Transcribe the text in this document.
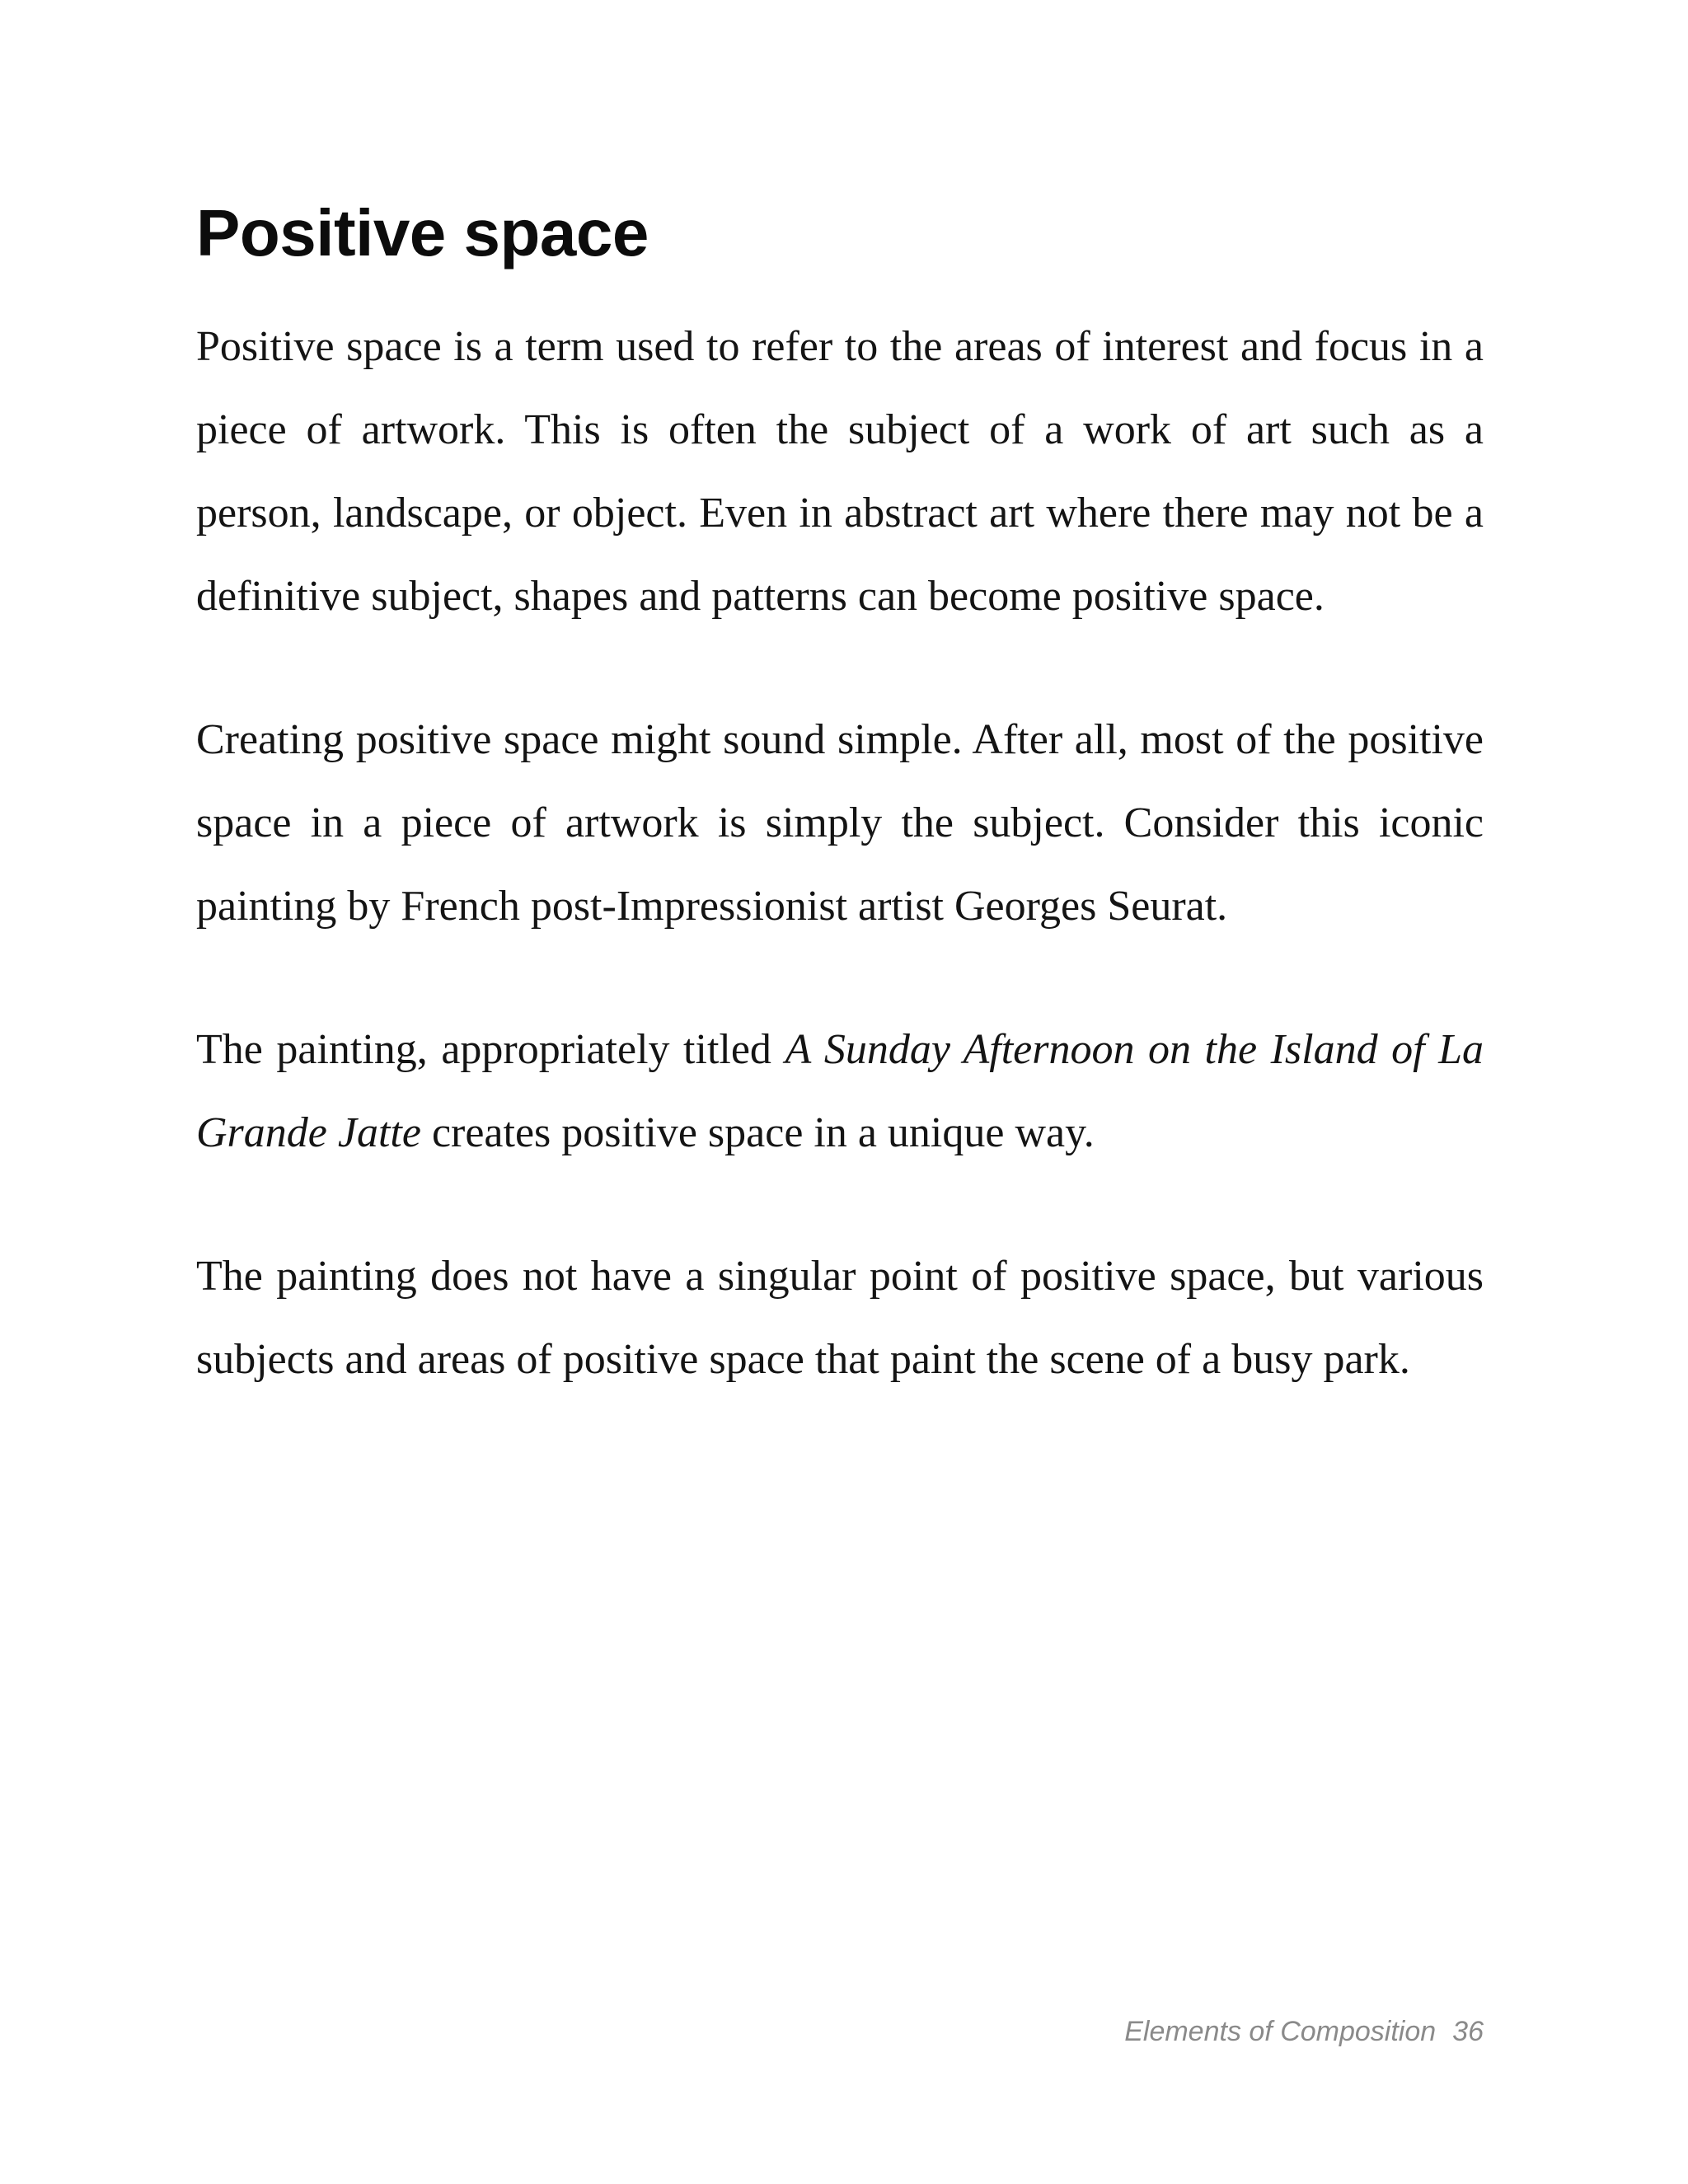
Positive space

Positive space is a term used to refer to the areas of interest and focus in a piece of artwork. This is often the subject of a work of art such as a person, landscape, or object. Even in abstract art where there may not be a definitive subject, shapes and patterns can become positive space.

Creating positive space might sound simple. After all, most of the positive space in a piece of artwork is simply the subject. Consider this iconic painting by French post-Impressionist artist Georges Seurat.

The painting, appropriately titled A Sunday Afternoon on the Island of La Grande Jatte creates positive space in a unique way.

The painting does not have a singular point of positive space, but various subjects and areas of positive space that paint the scene of a busy park.

Elements of Composition 36
